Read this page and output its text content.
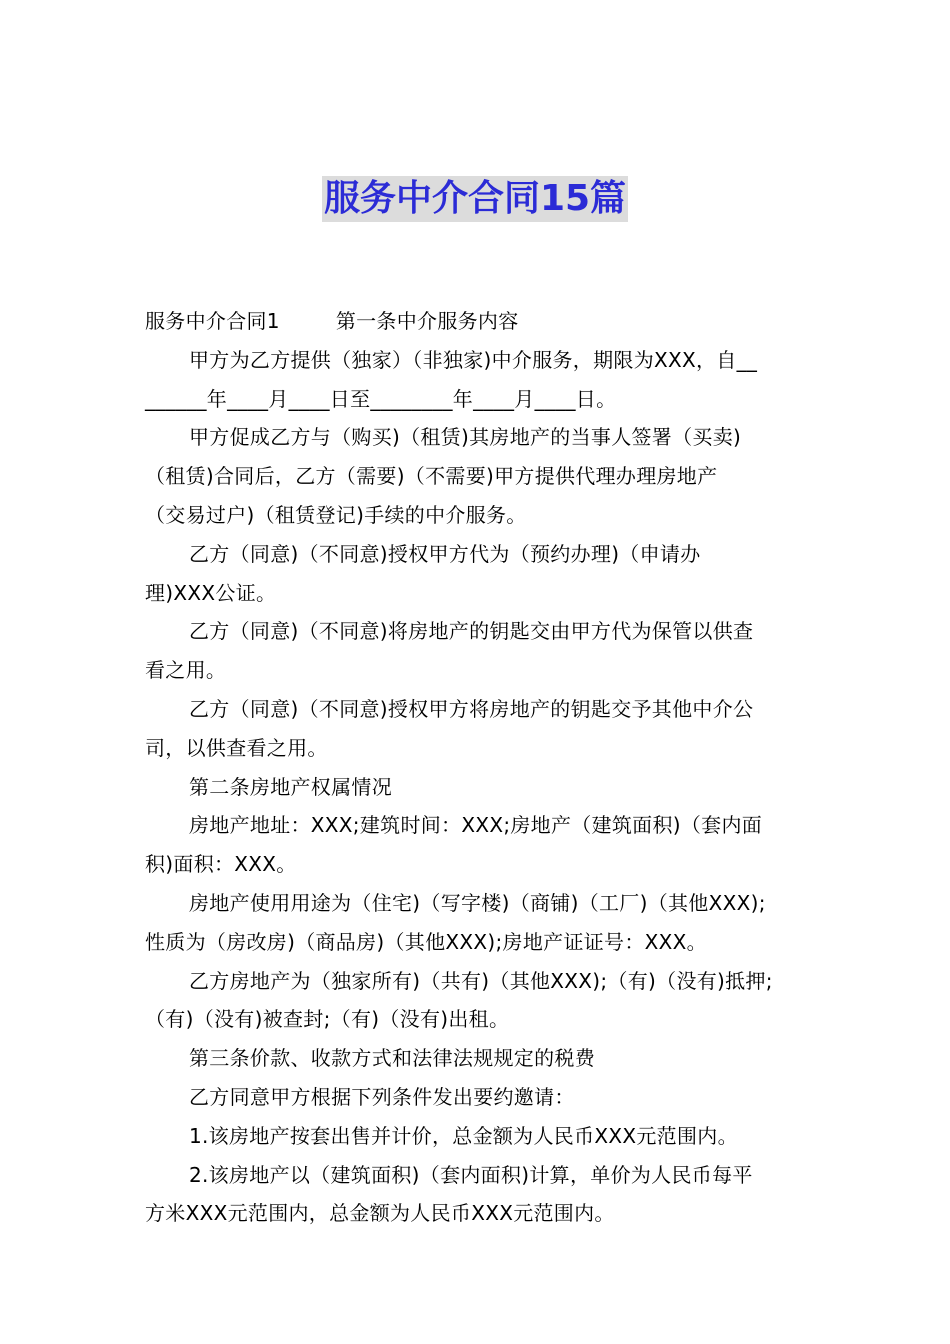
服务中介合同15篇
服务中介合同1	第一条中介服务内容
甲方为乙方提供（独家）（非独家)中介服务，期限为XXX，自__
______年____月____日至________年____月____日。
甲方促成乙方与（购买)（租赁)其房地产的当事人签署（买卖)
（租赁)合同后，乙方（需要)（不需要)甲方提供代理办理房地产
（交易过户)（租赁登记)手续的中介服务。
乙方（同意)（不同意)授权甲方代为（预约办理)（申请办
理)XXX公证。
乙方（同意)（不同意)将房地产的钥匙交由甲方代为保管以供查
看之用。
乙方（同意)（不同意)授权甲方将房地产的钥匙交予其他中介公
司，以供查看之用。
第二条房地产权属情况
房地产地址：XXX;建筑时间：XXX;房地产（建筑面积)（套内面
积)面积：XXX。
房地产使用用途为（住宅)（写字楼)（商铺)（工厂)（其他XXX);
性质为（房改房)（商品房)（其他XXX);房地产证证号：XXX。
乙方房地产为（独家所有)（共有)（其他XXX);（有)（没有)抵押;
（有)（没有)被查封;（有)（没有)出租。
第三条价款、收款方式和法律法规规定的税费
乙方同意甲方根据下列条件发出要约邀请：
1.该房地产按套出售并计价，总金额为人民币XXX元范围内。
2.该房地产以（建筑面积)（套内面积)计算，单价为人民币每平
方米XXX元范围内，总金额为人民币XXX元范围内。
